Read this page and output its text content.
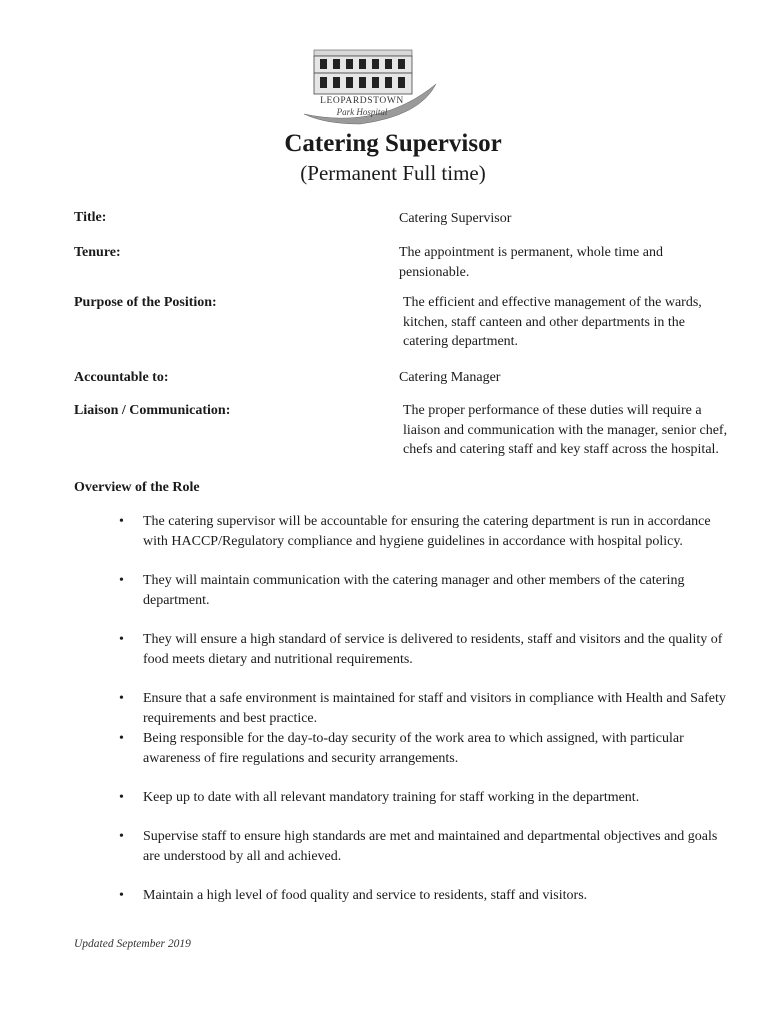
LEOPARDSTOWN
Park Hospital
Catering Supervisor
(Permanent Full time)
Title:	Catering Supervisor
Tenure:	The appointment is permanent, whole time and pensionable.
Purpose of the Position:	The efficient and effective management of the wards, kitchen, staff canteen and other departments in the catering department.
Accountable to:	Catering Manager
Liaison / Communication:	The proper performance of these duties will require a liaison and communication with the manager, senior chef, chefs and catering staff and key staff across the hospital.
Overview of the Role
• The catering supervisor will be accountable for ensuring the catering department is run in accordance with HACCP/Regulatory compliance and hygiene guidelines in accordance with hospital policy.
• They will maintain communication with the catering manager and other members of the catering department.
• They will ensure a high standard of service is delivered to residents, staff and visitors and the quality of food meets dietary and nutritional requirements.
• Ensure that a safe environment is maintained for staff and visitors in compliance with Health and Safety requirements and best practice.
• Being responsible for the day-to-day security of the work area to which assigned, with particular awareness of fire regulations and security arrangements.
• Keep up to date with all relevant mandatory training for staff working in the department.
• Supervise staff to ensure high standards are met and maintained and departmental objectives and goals are understood by all and achieved.
• Maintain a high level of food quality and service to residents, staff and visitors.
Updated September 2019
